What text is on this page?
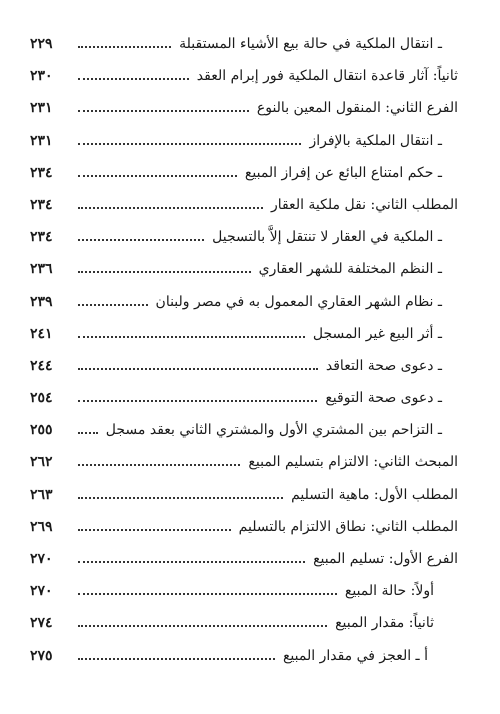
ـ انتقال الملكية في حالة بيع الأشياء المستقبلة
٢٢٩
ثانياً: آثار قاعدة انتقال الملكية فور إبرام العقد
٢٣٠
الفرع الثاني: المنقول المعين بالنوع
٢٣١
ـ انتقال الملكية بالإفراز
٢٣١
ـ حكم امتناع البائع عن إفراز المبيع
٢٣٤
المطلب الثاني: نقل ملكية العقار
٢٣٤
ـ الملكية في العقار لا تنتقل إلاَّ بالتسجيل
٢٣٤
ـ النظم المختلفة للشهر العقاري
٢٣٦
ـ نظام الشهر العقاري المعمول به في مصر ولبنان
٢٣٩
ـ أثر البيع غير المسجل
٢٤١
ـ دعوى صحة التعاقد
٢٤٤
ـ دعوى صحة التوقيع
٢٥٤
ـ التزاحم بين المشتري الأول والمشتري الثاني بعقد مسجل
٢٥٥
المبحث الثاني: الالتزام بتسليم المبيع
٢٦٢
المطلب الأول: ماهية التسليم
٢٦٣
المطلب الثاني: نطاق الالتزام بالتسليم
٢٦٩
الفرع الأول: تسليم المبيع
٢٧٠
أولاً: حالة المبيع
٢٧٠
ثانياً: مقدار المبيع
٢٧٤
أ ـ العجز في مقدار المبيع
٢٧٥
